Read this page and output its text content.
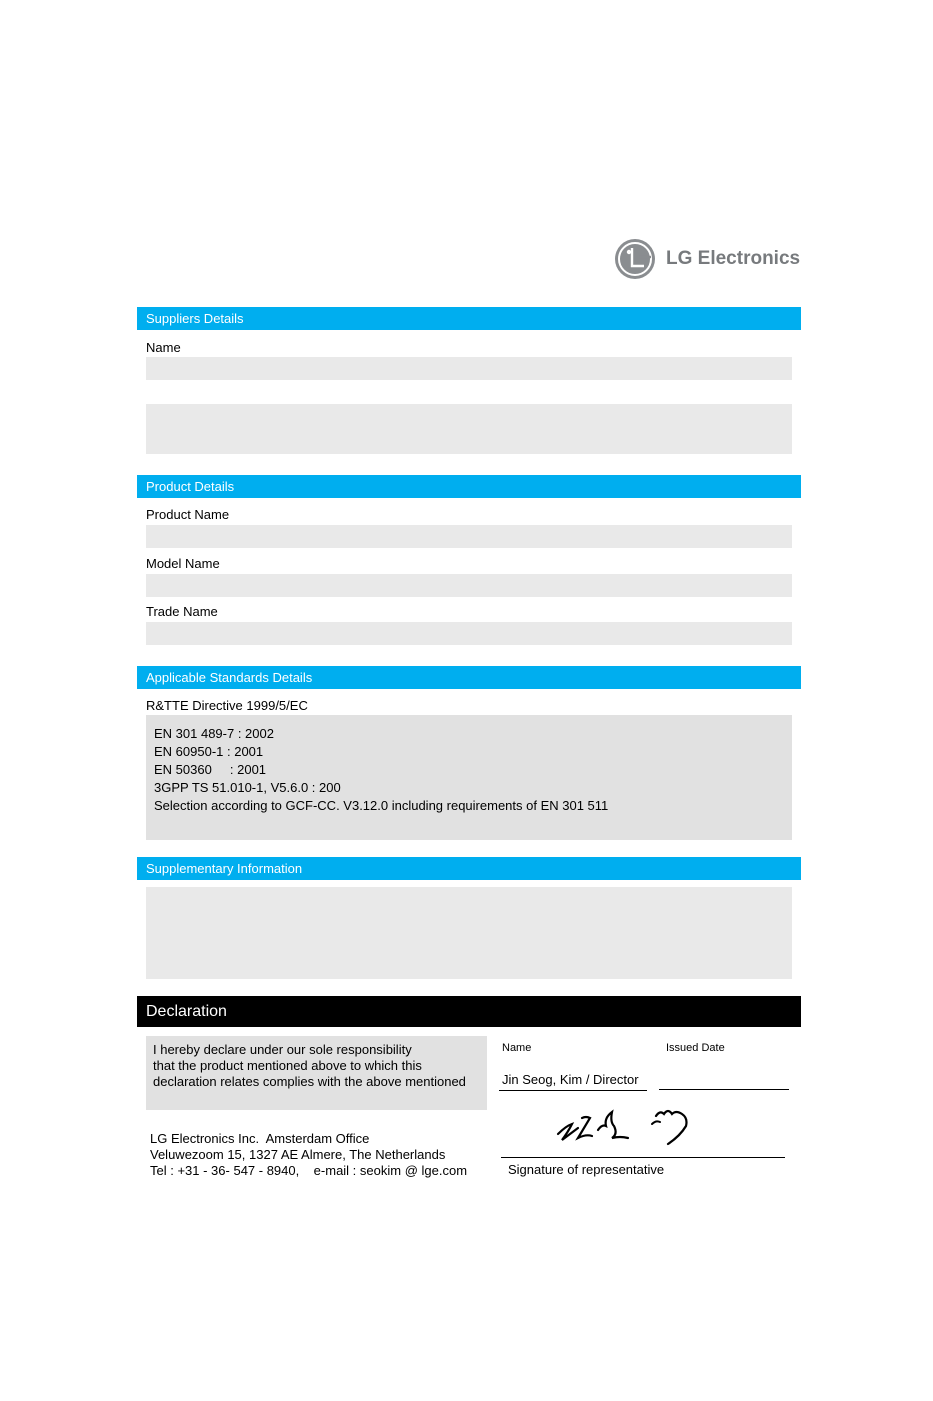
LG Electronics
Suppliers Details
Name
Product Details
Product Name
Model Name
Trade Name
Applicable Standards Details
R&TTE Directive 1999/5/EC
EN 301 489-7 : 2002
EN 60950-1 : 2001
EN 50360     : 2001
3GPP TS 51.010-1, V5.6.0 : 200
Selection according to GCF-CC. V3.12.0 including requirements of EN 301 511
Supplementary Information
Declaration
I hereby declare under our sole responsibility
that the product mentioned above to which this
declaration relates complies with the above mentioned
Name	Issued Date
Jin Seog, Kim / Director
Signature of representative
LG Electronics Inc.  Amsterdam Office
Veluwezoom 15, 1327 AE Almere, The Netherlands
Tel : +31 - 36- 547 - 8940,    e-mail : seokim @ lge.com
